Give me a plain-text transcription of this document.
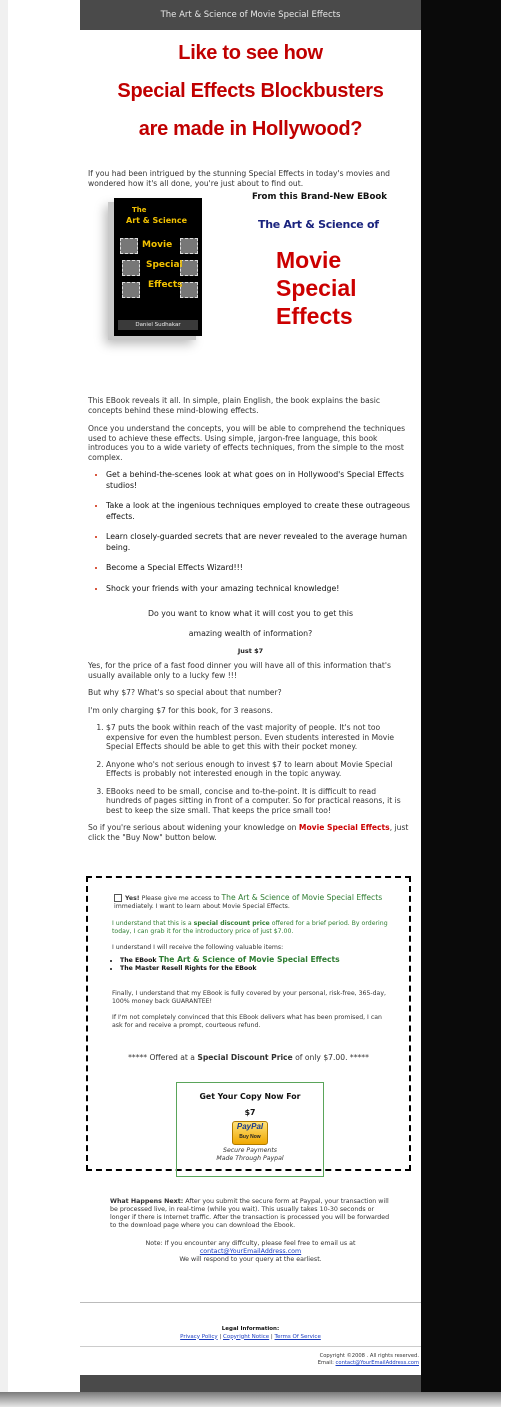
The Art & Science of Movie Special Effects
Like to see how
Special Effects Blockbusters
are made in Hollywood?
If you had been intrigued by the stunning Special Effects in today's movies and wondered how it's all done, you're just about to find out.
The
Art & Science
Movie
Special
Effects
Daniel Sudhakar
From this Brand-New EBook
The Art & Science of
Movie
Special
Effects
This EBook reveals it all. In simple, plain English, the book explains the basic concepts behind these mind-blowing effects.
Once you understand the concepts, you will be able to comprehend the techniques used to achieve these effects. Using simple, jargon-free language, this book introduces you to a wide variety of effects techniques, from the simple to the most complex.
• Get a behind-the-scenes look at what goes on in Hollywood's Special Effects studios!
• Take a look at the ingenious techniques employed to create these outrageous effects.
• Learn closely-guarded secrets that are never revealed to the average human being.
• Become a Special Effects Wizard!!!
• Shock your friends with your amazing technical knowledge!
Do you want to know what it will cost you to get this
amazing wealth of information?
Just $7
Yes, for the price of a fast food dinner you will have all of this information that's usually available only to a lucky few !!!
But why $7? What's so special about that number?
I'm only charging $7 for this book, for 3 reasons.
1. $7 puts the book within reach of the vast majority of people. It's not too expensive for even the humblest person. Even students interested in Movie Special Effects should be able to get this with their pocket money.
2. Anyone who's not serious enough to invest $7 to learn about Movie Special Effects is probably not interested enough in the topic anyway.
3. EBooks need to be small, concise and to-the-point. It is difficult to read hundreds of pages sitting in front of a computer. So for practical reasons, it is best to keep the size small. That keeps the price small too!
So if you're serious about widening your knowledge on Movie Special Effects, just click the "Buy Now" button below.
Yes! Please give me access to The Art & Science of Movie Special Effects immediately. I want to learn about Movie Special Effects.
I understand that this is a special discount price offered for a brief period. By ordering today, I can grab it for the introductory price of just $7.00.
I understand I will receive the following valuable items:
• The EBook The Art & Science of Movie Special Effects
• The Master Resell Rights for the EBook
Finally, I understand that my EBook is fully covered by your personal, risk-free, 365-day, 100% money back GUARANTEE!
If I'm not completely convinced that this EBook delivers what has been promised, I can ask for and receive a prompt, courteous refund.
***** Offered at a Special Discount Price of only $7.00. *****
Get Your Copy Now For
$7
PayPal
Buy Now
Secure Payments
Made Through Paypal
What Happens Next: After you submit the secure form at Paypal, your transaction will be processed live, in real-time (while you wait). This usually takes 10-30 seconds or longer if there is Internet traffic. After the transaction is processed you will be forwarded to the download page where you can download the Ebook.
Note: If you encounter any diffculty, please feel free to email us at
contact@YourEmailAddress.com
We will respond to your query at the earliest.
Legal Information:
Privacy Policy | Copyright Notice | Terms Of Service
Copyright ©2008 . All rights reserved.
Email: contact@YourEmailAddress.com
